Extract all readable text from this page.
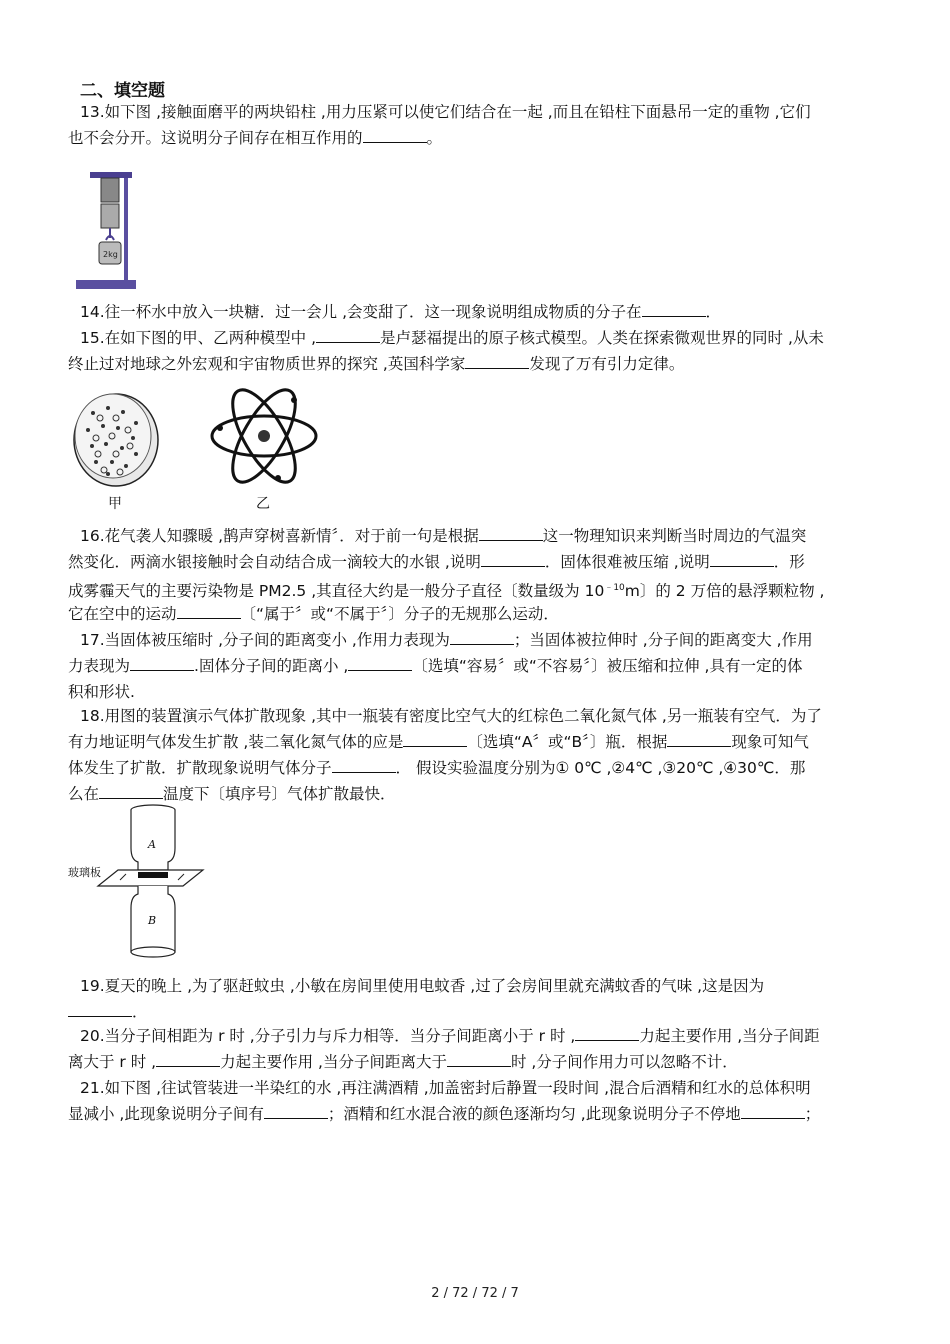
二、填空题
13.如下图 ,接触面磨平的两块铅柱 ,用力压紧可以使它们结合在一起 ,而且在铅柱下面悬吊一定的重物 ,它们
也不会分开。这说明分子间存在相互作用的	。
2kg
14.往一杯水中放入一块糖．过一会儿 ,会变甜了．这一现象说明组成物质的分子在	．
15.在如下图的甲、乙两种模型中 ,	是卢瑟福提出的原子核式模型。人类在探索微观世界的同时 ,从未
终止过对地球之外宏观和宇宙物质世界的探究 ,英国科学家	发现了万有引力定律。
甲	乙
16.花气袭人知骤暖 ,鹊声穿树喜新情〞．对于前一句是根据	这一物理知识来判断当时周边的气温突
然变化．两滴水银接触时会自动结合成一滴较大的水银 ,说明	．固体很难被压缩 ,说明	．形
成雾霾天气的主要污染物是 PM2.5 ,其直径大约是一般分子直径〔数量级为 $10^{﹣10}m$〕的 2 万倍的悬浮颗粒物 ,
它在空中的运动	〔“属于〞或“不属于〞〕分子的无规那么运动．
17.当固体被压缩时 ,分子间的距离变小 ,作用力表现为	；当固体被拉伸时 ,分子间的距离变大 ,作用
力表现为	.固体分子间的距离小 ,	〔选填“容易〞或“不容易〞〕被压缩和拉伸 ,具有一定的体
积和形状.
18.用图的装置演示气体扩散现象 ,其中一瓶装有密度比空气大的红棕色二氧化氮气体 ,另一瓶装有空气．为了
有力地证明气体发生扩散 ,装二氧化氮气体的应是	〔选填“A〞或“B〞〕瓶．根据	现象可知气
体发生了扩散．扩散现象说明气体分子	． 假设实验温度分别为① 0℃ ,②4℃ ,③20℃ ,④30℃．那
么在	温度下〔填序号〕气体扩散最快．
A
玻璃板
B
19.夏天的晚上 ,为了驱赶蚊虫 ,小敏在房间里使用电蚊香 ,过了会房间里就充满蚊香的气味 ,这是因为
．
20.当分子间相距为 r 时 ,分子引力与斥力相等．当分子间距离小于 r 时 ,	力起主要作用 ,当分子间距
离大于 r 时 ,	力起主要作用 ,当分子间距离大于	时 ,分子间作用力可以忽略不计．
21.如下图 ,往试管装进一半染红的水 ,再注满酒精 ,加盖密封后静置一段时间 ,混合后酒精和红水的总体积明
显减小 ,此现象说明分子间有	；酒精和红水混合液的颜色逐渐均匀 ,此现象说明分子不停地	；
2 / 72 / 72 / 7
